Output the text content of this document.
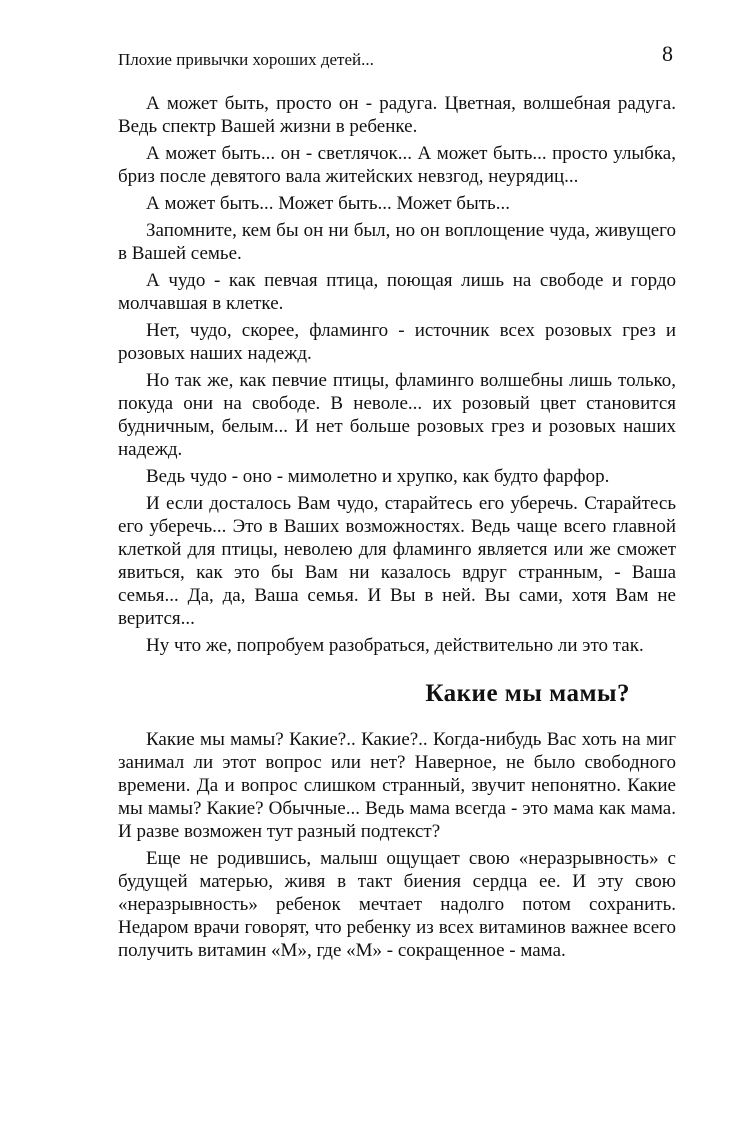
Плохие привычки хороших детей...	8

А может быть, просто он - радуга. Цветная, волшебная радуга. Ведь спектр Вашей жизни в ребенке.

А может быть... он - светлячок... А может быть... просто улыбка, бриз после девятого вала житейских невзгод, неурядиц...

А может быть... Может быть... Может быть...

Запомните, кем бы он ни был, но он воплощение чуда, живущего в Вашей семье.

А чудо - как певчая птица, поющая лишь на свободе и гордо молчавшая в клетке.

Нет, чудо, скорее, фламинго - источник всех розовых грез и розовых наших надежд.

Но так же, как певчие птицы, фламинго волшебны лишь только, покуда они на свободе. В неволе... их розовый цвет становится будничным, белым... И нет больше розовых грез и розовых наших надежд.

Ведь чудо - оно - мимолетно и хрупко, как будто фарфор.

И если досталось Вам чудо, старайтесь его уберечь. Старайтесь его уберечь... Это в Ваших возможностях. Ведь чаще всего главной клеткой для птицы, неволею для фламинго является или же сможет явиться, как это бы Вам ни казалось вдруг странным, - Ваша семья... Да, да, Ваша семья. И Вы в ней. Вы сами, хотя Вам не верится...

Ну что же, попробуем разобраться, действительно ли это так.

Какие мы мамы?

Какие мы мамы? Какие?.. Какие?.. Когда-нибудь Вас хоть на миг занимал ли этот вопрос или нет? Наверное, не было свободного времени. Да и вопрос слишком странный, звучит непонятно. Какие мы мамы? Какие? Обычные... Ведь мама всегда - это мама как мама. И разве возможен тут разный подтекст?

Еще не родившись, малыш ощущает свою «неразрывность» с будущей матерью, живя в такт биения сердца ее. И эту свою «неразрывность» ребенок мечтает надолго потом сохранить. Недаром врачи говорят, что ребенку из всех витаминов важнее всего получить витамин «М», где «М» - сокращенное - мама.
